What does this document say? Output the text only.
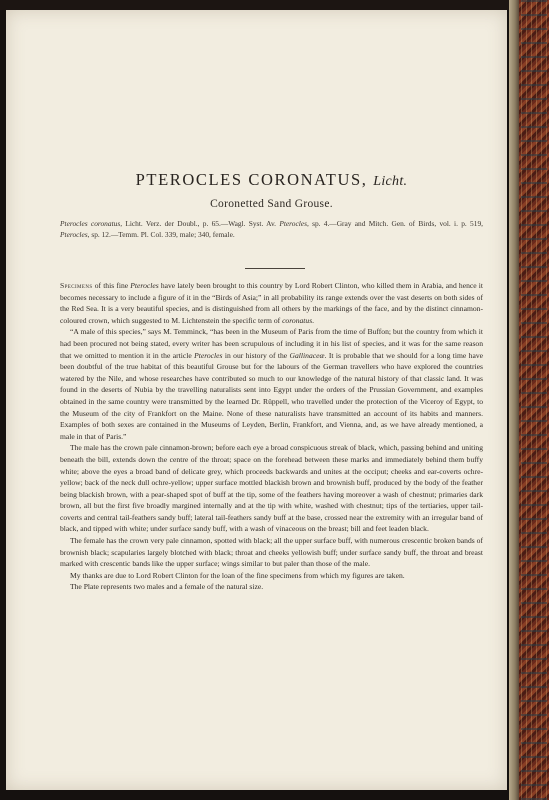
PTEROCLES CORONATUS, Licht.
Coronetted Sand Grouse.
Pterocles coronatus, Licht. Verz. der Doubl., p. 65.—Wagl. Syst. Av. Pterocles, sp. 4.—Gray and Mitch. Gen. of Birds, vol. i. p. 519, Pterocles, sp. 12.—Temm. Pl. Col. 339, male; 340, female.

Specimens of this fine Pterocles have lately been brought to this country by Lord Robert Clinton, who killed them in Arabia, and hence it becomes necessary to include a figure of it in the “Birds of Asia;” in all probability its range extends over the vast deserts on both sides of the Red Sea. It is a very beautiful species, and is distinguished from all others by the markings of the face, and by the distinct cinnamon-coloured crown, which suggested to M. Lichtenstein the specific term of coronatus.

“A male of this species,” says M. Temminck, “has been in the Museum of Paris from the time of Buffon; but the country from which it had been procured not being stated, every writer has been scrupulous of including it in his list of species, and it was for the same reason that we omitted to mention it in the article Pterocles in our history of the Gallinaceæ. It is probable that we should for a long time have been doubtful of the true habitat of this beautiful Grouse but for the labours of the German travellers who have explored the countries watered by the Nile, and whose researches have contributed so much to our knowledge of the natural history of that classic land. It was found in the deserts of Nubia by the travelling naturalists sent into Egypt under the orders of the Prussian Government, and examples obtained in the same country were transmitted by the learned Dr. Rüppell, who travelled under the protection of the Viceroy of Egypt, to the Museum of the city of Frankfort on the Maine. None of these naturalists have transmitted an account of its habits and manners. Examples of both sexes are contained in the Museums of Leyden, Berlin, Frankfort, and Vienna, and, as we have already mentioned, a male in that of Paris.”

The male has the crown pale cinnamon-brown; before each eye a broad conspicuous streak of black, which, passing behind and uniting beneath the bill, extends down the centre of the throat; space on the forehead between these marks and immediately behind them buffy white; above the eyes a broad band of delicate grey, which proceeds backwards and unites at the occiput; cheeks and ear-coverts ochre-yellow; back of the neck dull ochre-yellow; upper surface mottled blackish brown and brownish buff, produced by the body of the feather being blackish brown, with a pear-shaped spot of buff at the tip, some of the feathers having moreover a wash of chestnut; primaries dark brown, all but the first five broadly margined internally and at the tip with white, washed with chestnut; tips of the tertiaries, upper tail-coverts and central tail-feathers sandy buff; lateral tail-feathers sandy buff at the base, crossed near the extremity with an irregular band of black, and tipped with white; under surface sandy buff, with a wash of vinaceous on the breast; bill and feet leaden black.

The female has the crown very pale cinnamon, spotted with black; all the upper surface buff, with numerous crescentic broken bands of brownish black; scapularies largely blotched with black; throat and cheeks yellowish buff; under surface sandy buff, the throat and breast marked with crescentic bands like the upper surface; wings similar to but paler than those of the male.

My thanks are due to Lord Robert Clinton for the loan of the fine specimens from which my figures are taken.

The Plate represents two males and a female of the natural size.
